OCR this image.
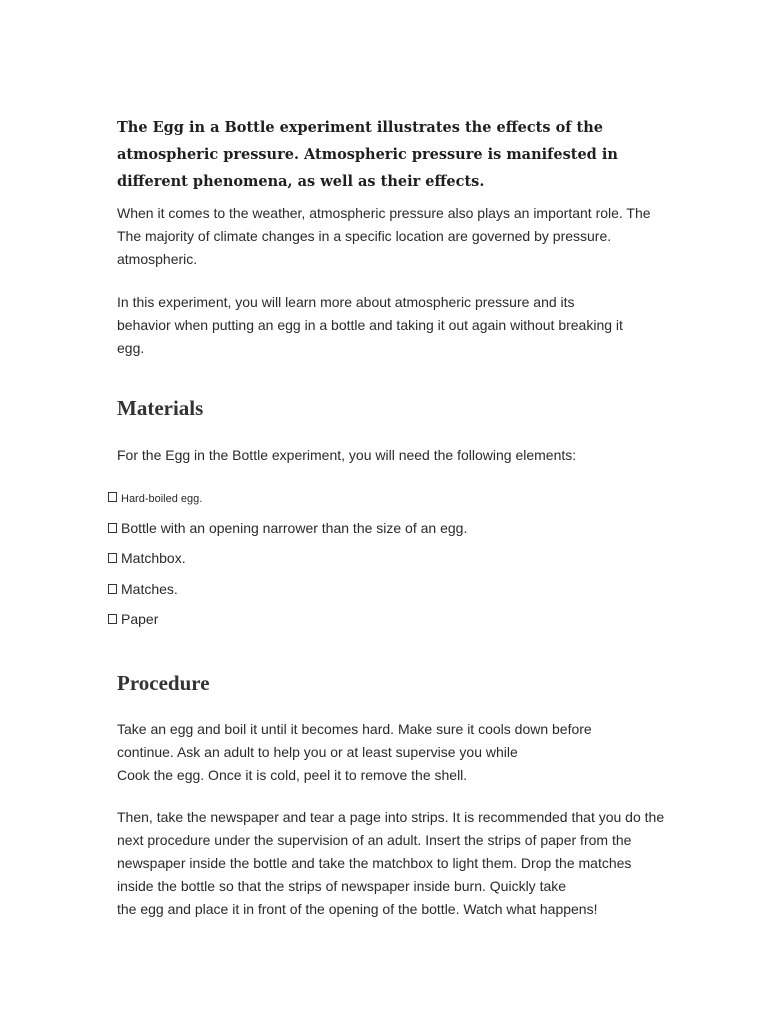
The Egg in a Bottle experiment illustrates the effects of the
atmospheric pressure. Atmospheric pressure is manifested in
different phenomena, as well as their effects.

When it comes to the weather, atmospheric pressure also plays an important role. The
The majority of climate changes in a specific location are governed by pressure.
atmospheric.

In this experiment, you will learn more about atmospheric pressure and its
behavior when putting an egg in a bottle and taking it out again without breaking it
egg.

Materials

For the Egg in the Bottle experiment, you will need the following elements:

Hard-boiled egg.
Bottle with an opening narrower than the size of an egg.
Matchbox.
Matches.
Paper
Procedure

Take an egg and boil it until it becomes hard. Make sure it cools down before
continue. Ask an adult to help you or at least supervise you while
Cook the egg. Once it is cold, peel it to remove the shell.

Then, take the newspaper and tear a page into strips. It is recommended that you do the
next procedure under the supervision of an adult. Insert the strips of paper from the
newspaper inside the bottle and take the matchbox to light them. Drop the matches
inside the bottle so that the strips of newspaper inside burn. Quickly take
the egg and place it in front of the opening of the bottle. Watch what happens!
